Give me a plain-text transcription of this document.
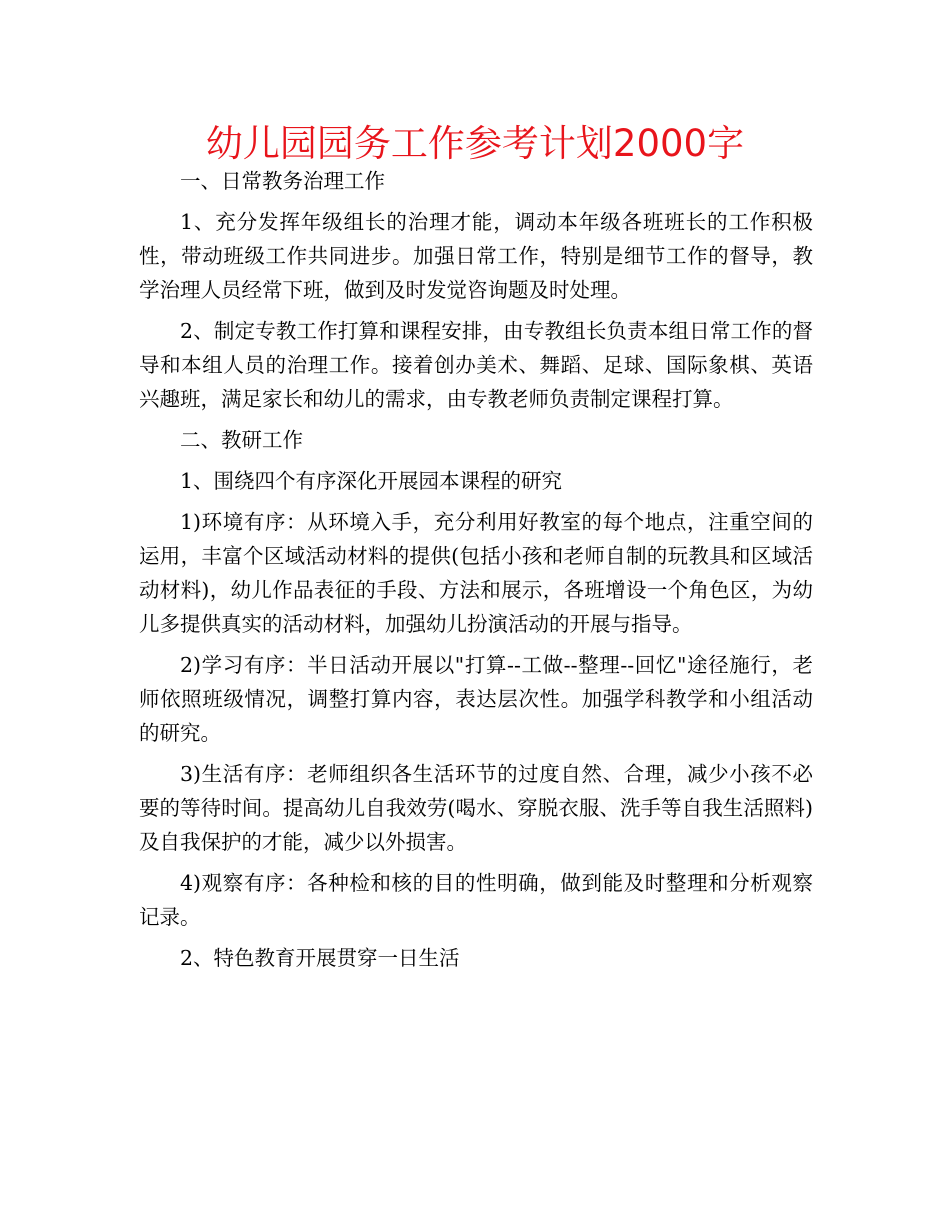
幼儿园园务工作参考计划2000字

一、日常教务治理工作

1、充分发挥年级组长的治理才能，调动本年级各班班长的工作积极性，带动班级工作共同进步。加强日常工作，特别是细节工作的督导，教学治理人员经常下班，做到及时发觉咨询题及时处理。

2、制定专教工作打算和课程安排，由专教组长负责本组日常工作的督导和本组人员的治理工作。接着创办美术、舞蹈、足球、国际象棋、英语兴趣班，满足家长和幼儿的需求，由专教老师负责制定课程打算。

二、教研工作

1、围绕四个有序深化开展园本课程的研究

1)环境有序：从环境入手，充分利用好教室的每个地点，注重空间的运用，丰富个区域活动材料的提供(包括小孩和老师自制的玩教具和区域活动材料)，幼儿作品表征的手段、方法和展示，各班增设一个角色区，为幼儿多提供真实的活动材料，加强幼儿扮演活动的开展与指导。

2)学习有序：半日活动开展以"打算--工做--整理--回忆"途径施行，老师依照班级情况，调整打算内容，表达层次性。加强学科教学和小组活动的研究。

3)生活有序：老师组织各生活环节的过度自然、合理，减少小孩不必要的等待时间。提高幼儿自我效劳(喝水、穿脱衣服、洗手等自我生活照料)及自我保护的才能，减少以外损害。

4)观察有序：各种检和核的目的性明确，做到能及时整理和分析观察记录。

2、特色教育开展贯穿一日生活
